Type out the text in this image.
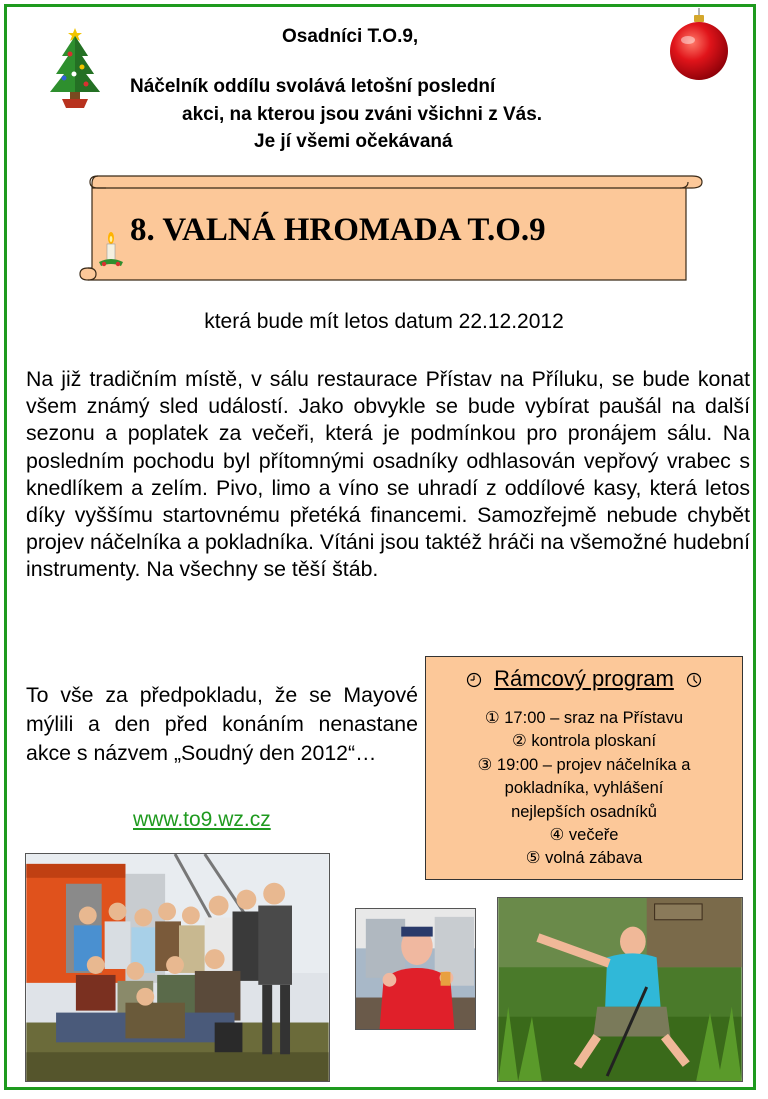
Osadníci T.O.9,
Náčelník oddílu svolává letošní poslední
akci, na kterou jsou zváni všichni z Vás.
Je jí všemi očekávaná
8. VALNÁ HROMADA T.O.9
která bude mít letos datum 22.12.2012
Na již tradičním místě, v sálu restaurace Přístav na Příluku, se bude konat všem známý sled událostí. Jako obvykle se bude vybírat paušál na další sezonu a poplatek za večeři, která je podmínkou pro pronájem sálu. Na posledním pochodu byl přítomnými osadníky odhlasován vepřový vrabec s knedlíkem a zelím. Pivo, limo a víno se uhradí z oddílové kasy, která letos díky vyššímu startovnému přetéká financemi. Samozřejmě nebude chybět projev náčelníka a pokladníka. Vítáni jsou taktéž hráči na všemožné hudební instrumenty. Na všechny se těší štáb.
To vše za předpokladu, že se Mayové mýlili a den před konáním nenastane akce s názvem „Soudný den 2012“…
www.to9.wz.cz
Rámcový program
① 17:00 – sraz na Přístavu
② kontrola ploskaní
③ 19:00 – projev náčelníka a
pokladníka, vyhlášení
nejlepších osadníků
④ večeře
⑤ volná zábava
